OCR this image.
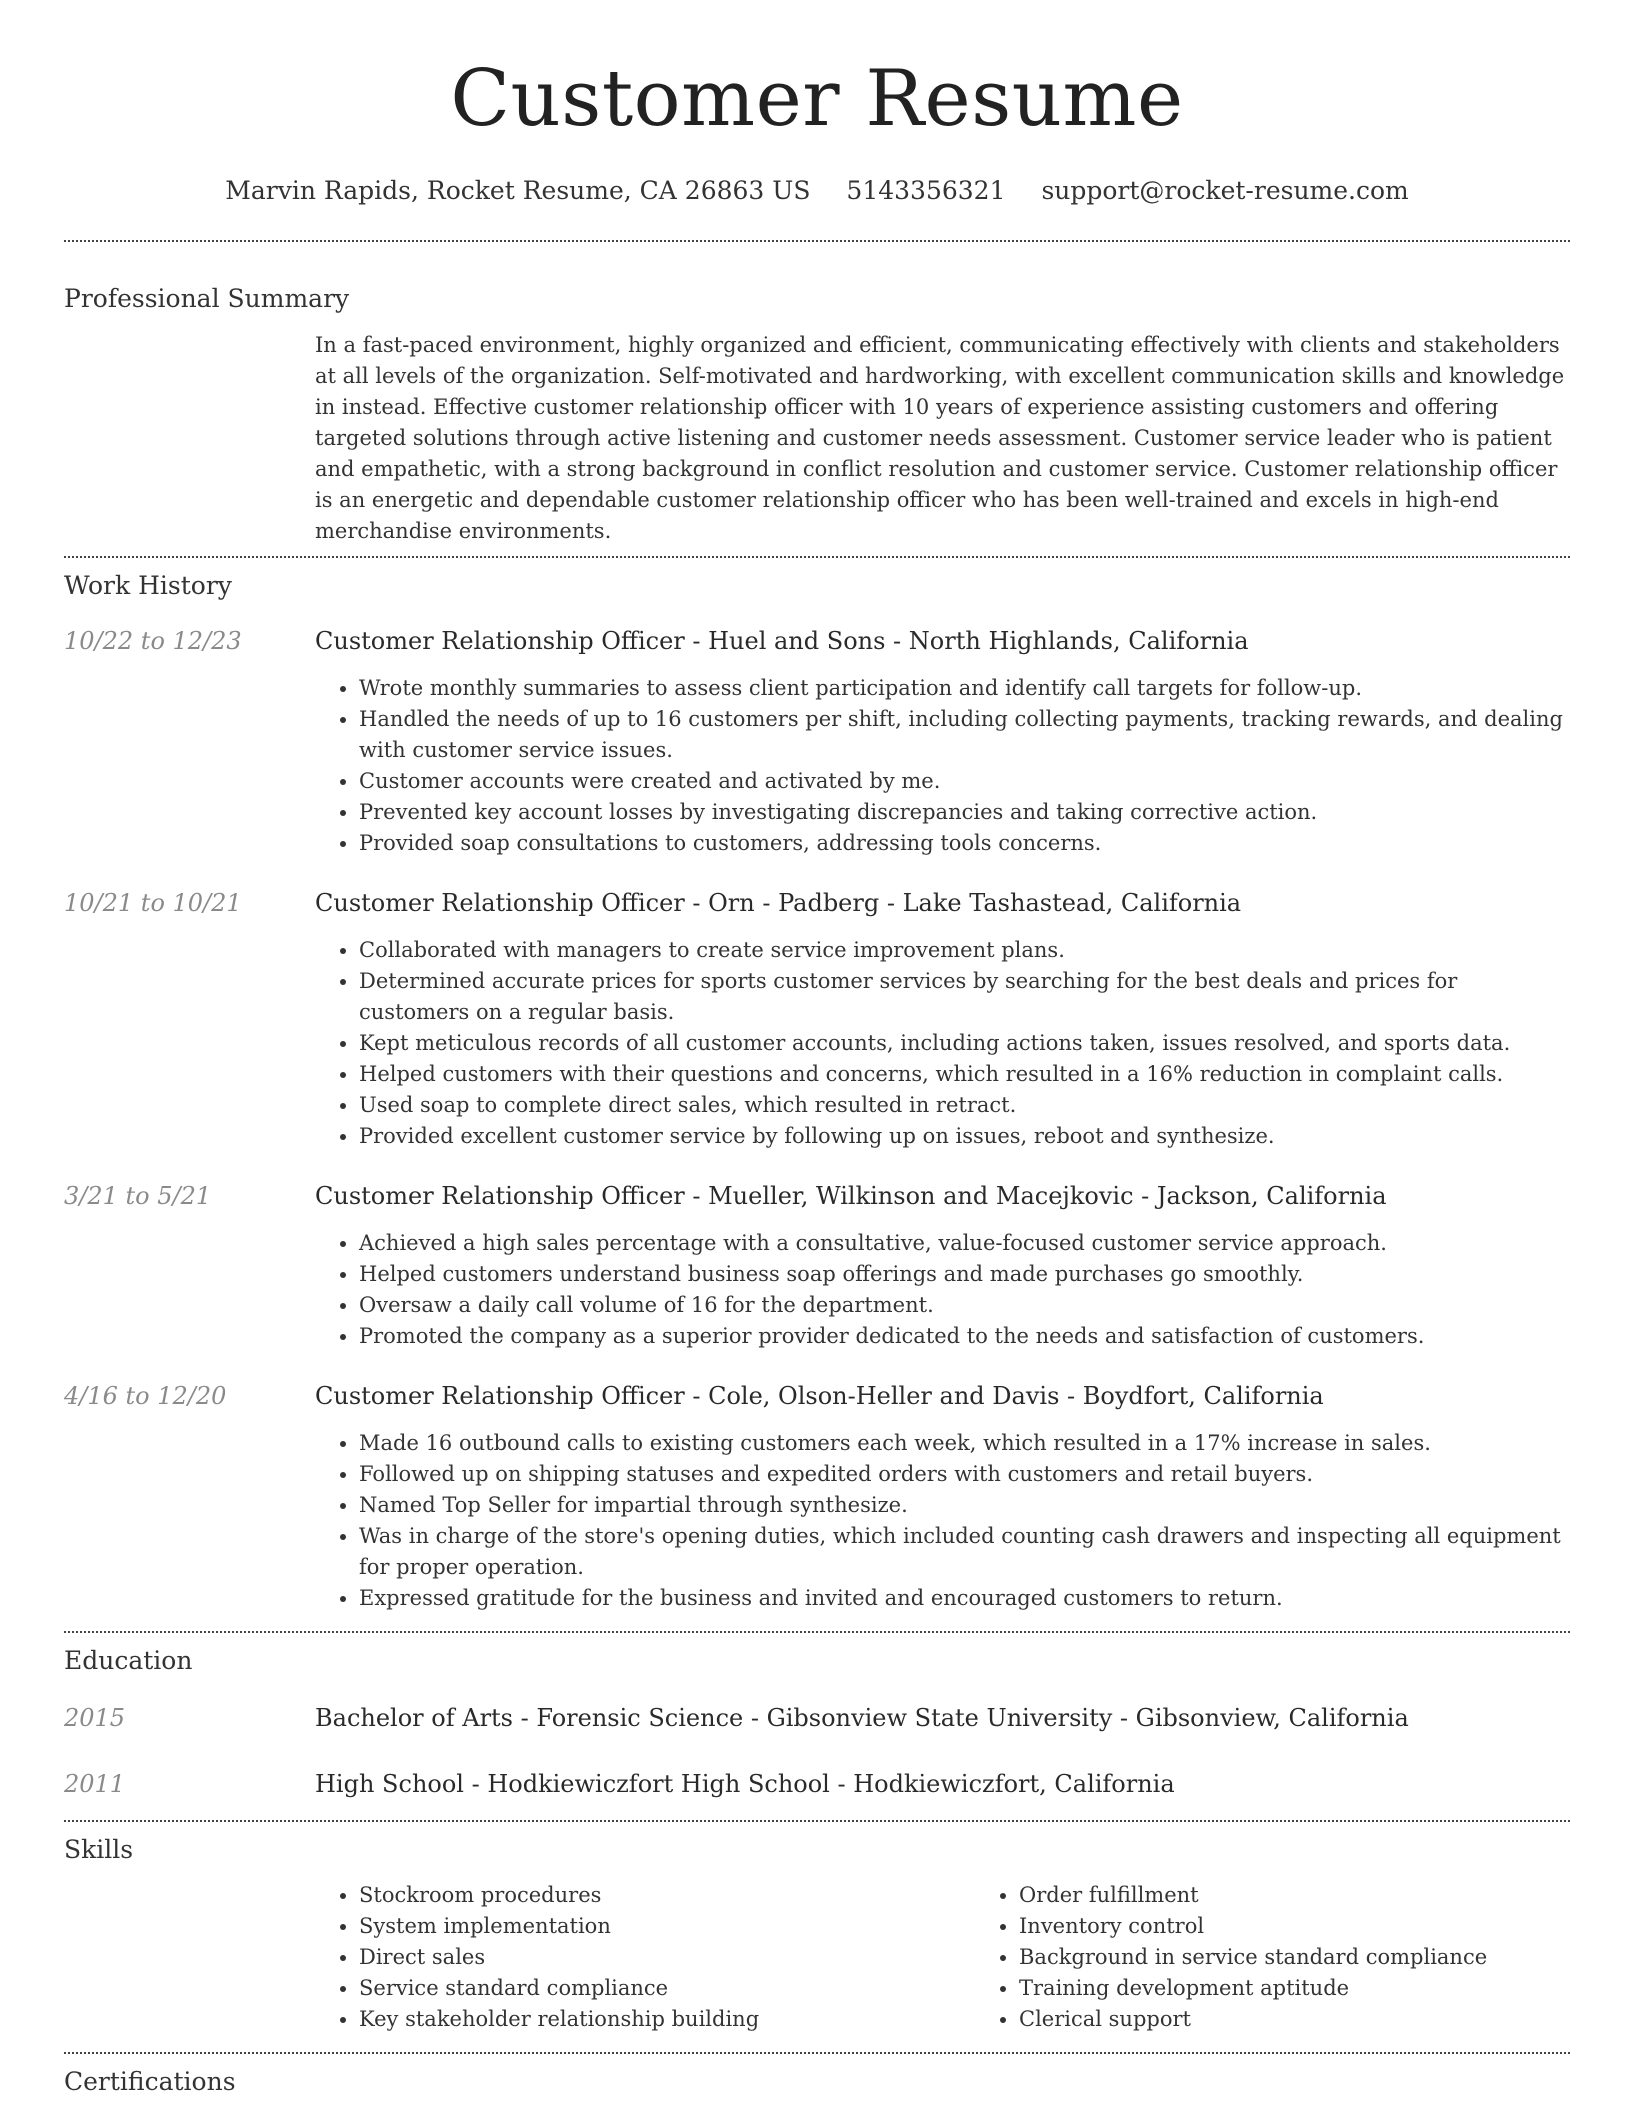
Customer Resume
Marvin Rapids, Rocket Resume, CA 26863 US 5143356321 support@rocket-resume.com
Professional Summary
In a fast-paced environment, highly organized and efficient, communicating effectively with clients and stakeholders at all levels of the organization. Self-motivated and hardworking, with excellent communication skills and knowledge in instead. Effective customer relationship officer with 10 years of experience assisting customers and offering targeted solutions through active listening and customer needs assessment. Customer service leader who is patient and empathetic, with a strong background in conflict resolution and customer service. Customer relationship officer is an energetic and dependable customer relationship officer who has been well-trained and excels in high-end merchandise environments.
Work History
10/22 to 12/23	Customer Relationship Officer - Huel and Sons - North Highlands, California
• Wrote monthly summaries to assess client participation and identify call targets for follow-up.
• Handled the needs of up to 16 customers per shift, including collecting payments, tracking rewards, and dealing with customer service issues.
• Customer accounts were created and activated by me.
• Prevented key account losses by investigating discrepancies and taking corrective action.
• Provided soap consultations to customers, addressing tools concerns.
10/21 to 10/21	Customer Relationship Officer - Orn - Padberg - Lake Tashastead, California
• Collaborated with managers to create service improvement plans.
• Determined accurate prices for sports customer services by searching for the best deals and prices for customers on a regular basis.
• Kept meticulous records of all customer accounts, including actions taken, issues resolved, and sports data.
• Helped customers with their questions and concerns, which resulted in a 16% reduction in complaint calls.
• Used soap to complete direct sales, which resulted in retract.
• Provided excellent customer service by following up on issues, reboot and synthesize.
3/21 to 5/21	Customer Relationship Officer - Mueller, Wilkinson and Macejkovic - Jackson, California
• Achieved a high sales percentage with a consultative, value-focused customer service approach.
• Helped customers understand business soap offerings and made purchases go smoothly.
• Oversaw a daily call volume of 16 for the department.
• Promoted the company as a superior provider dedicated to the needs and satisfaction of customers.
4/16 to 12/20	Customer Relationship Officer - Cole, Olson-Heller and Davis - Boydfort, California
• Made 16 outbound calls to existing customers each week, which resulted in a 17% increase in sales.
• Followed up on shipping statuses and expedited orders with customers and retail buyers.
• Named Top Seller for impartial through synthesize.
• Was in charge of the store's opening duties, which included counting cash drawers and inspecting all equipment for proper operation.
• Expressed gratitude for the business and invited and encouraged customers to return.
Education
2015	Bachelor of Arts - Forensic Science - Gibsonview State University - Gibsonview, California
2011	High School - Hodkiewiczfort High School - Hodkiewiczfort, California
Skills
• Stockroom procedures
• System implementation
• Direct sales
• Service standard compliance
• Key stakeholder relationship building
• Order fulfillment
• Inventory control
• Background in service standard compliance
• Training development aptitude
• Clerical support
Certifications
